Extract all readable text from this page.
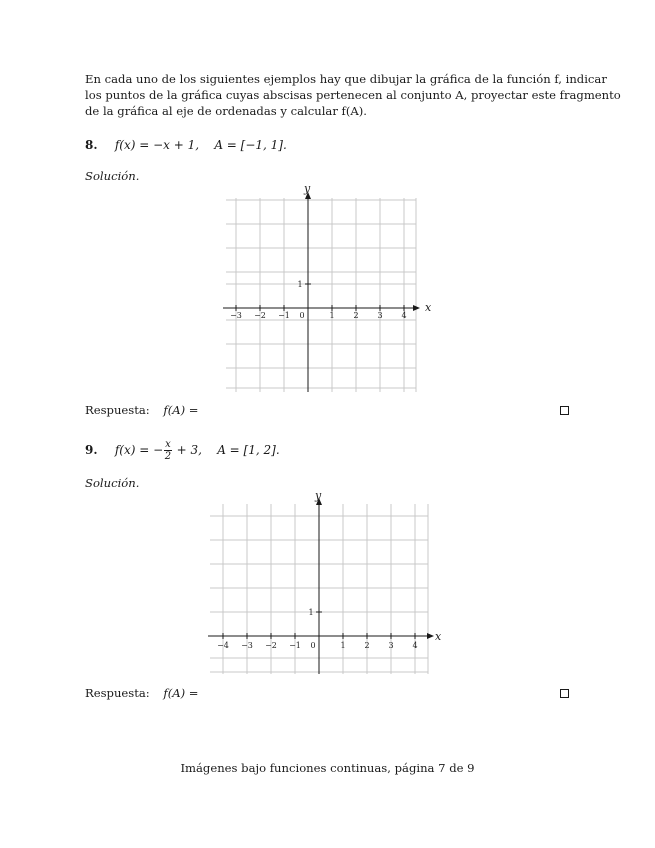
En cada uno de los siguientes ejemplos hay que dibujar la gráfica de la función f, indicar
los puntos de la gráfica cuyas abscisas pertenecen al conjunto A, proyectar este fragmento
de la gráfica al eje de ordenadas y calcular f(A).
8. f(x) = −x + 1, A = [−1, 1].
Solución.
−3 −2 −1 0	1 2 3 4
1
x
y
Respuesta: f(A) =
9. f(x) = − $\frac{x}{2} + 3$, A = [1, 2].
Solución.
−4 −3 −2 −1 0	1 2 3 4
1
x
y
Respuesta: f(A) =
Imágenes bajo funciones continuas, página 7 de 9
